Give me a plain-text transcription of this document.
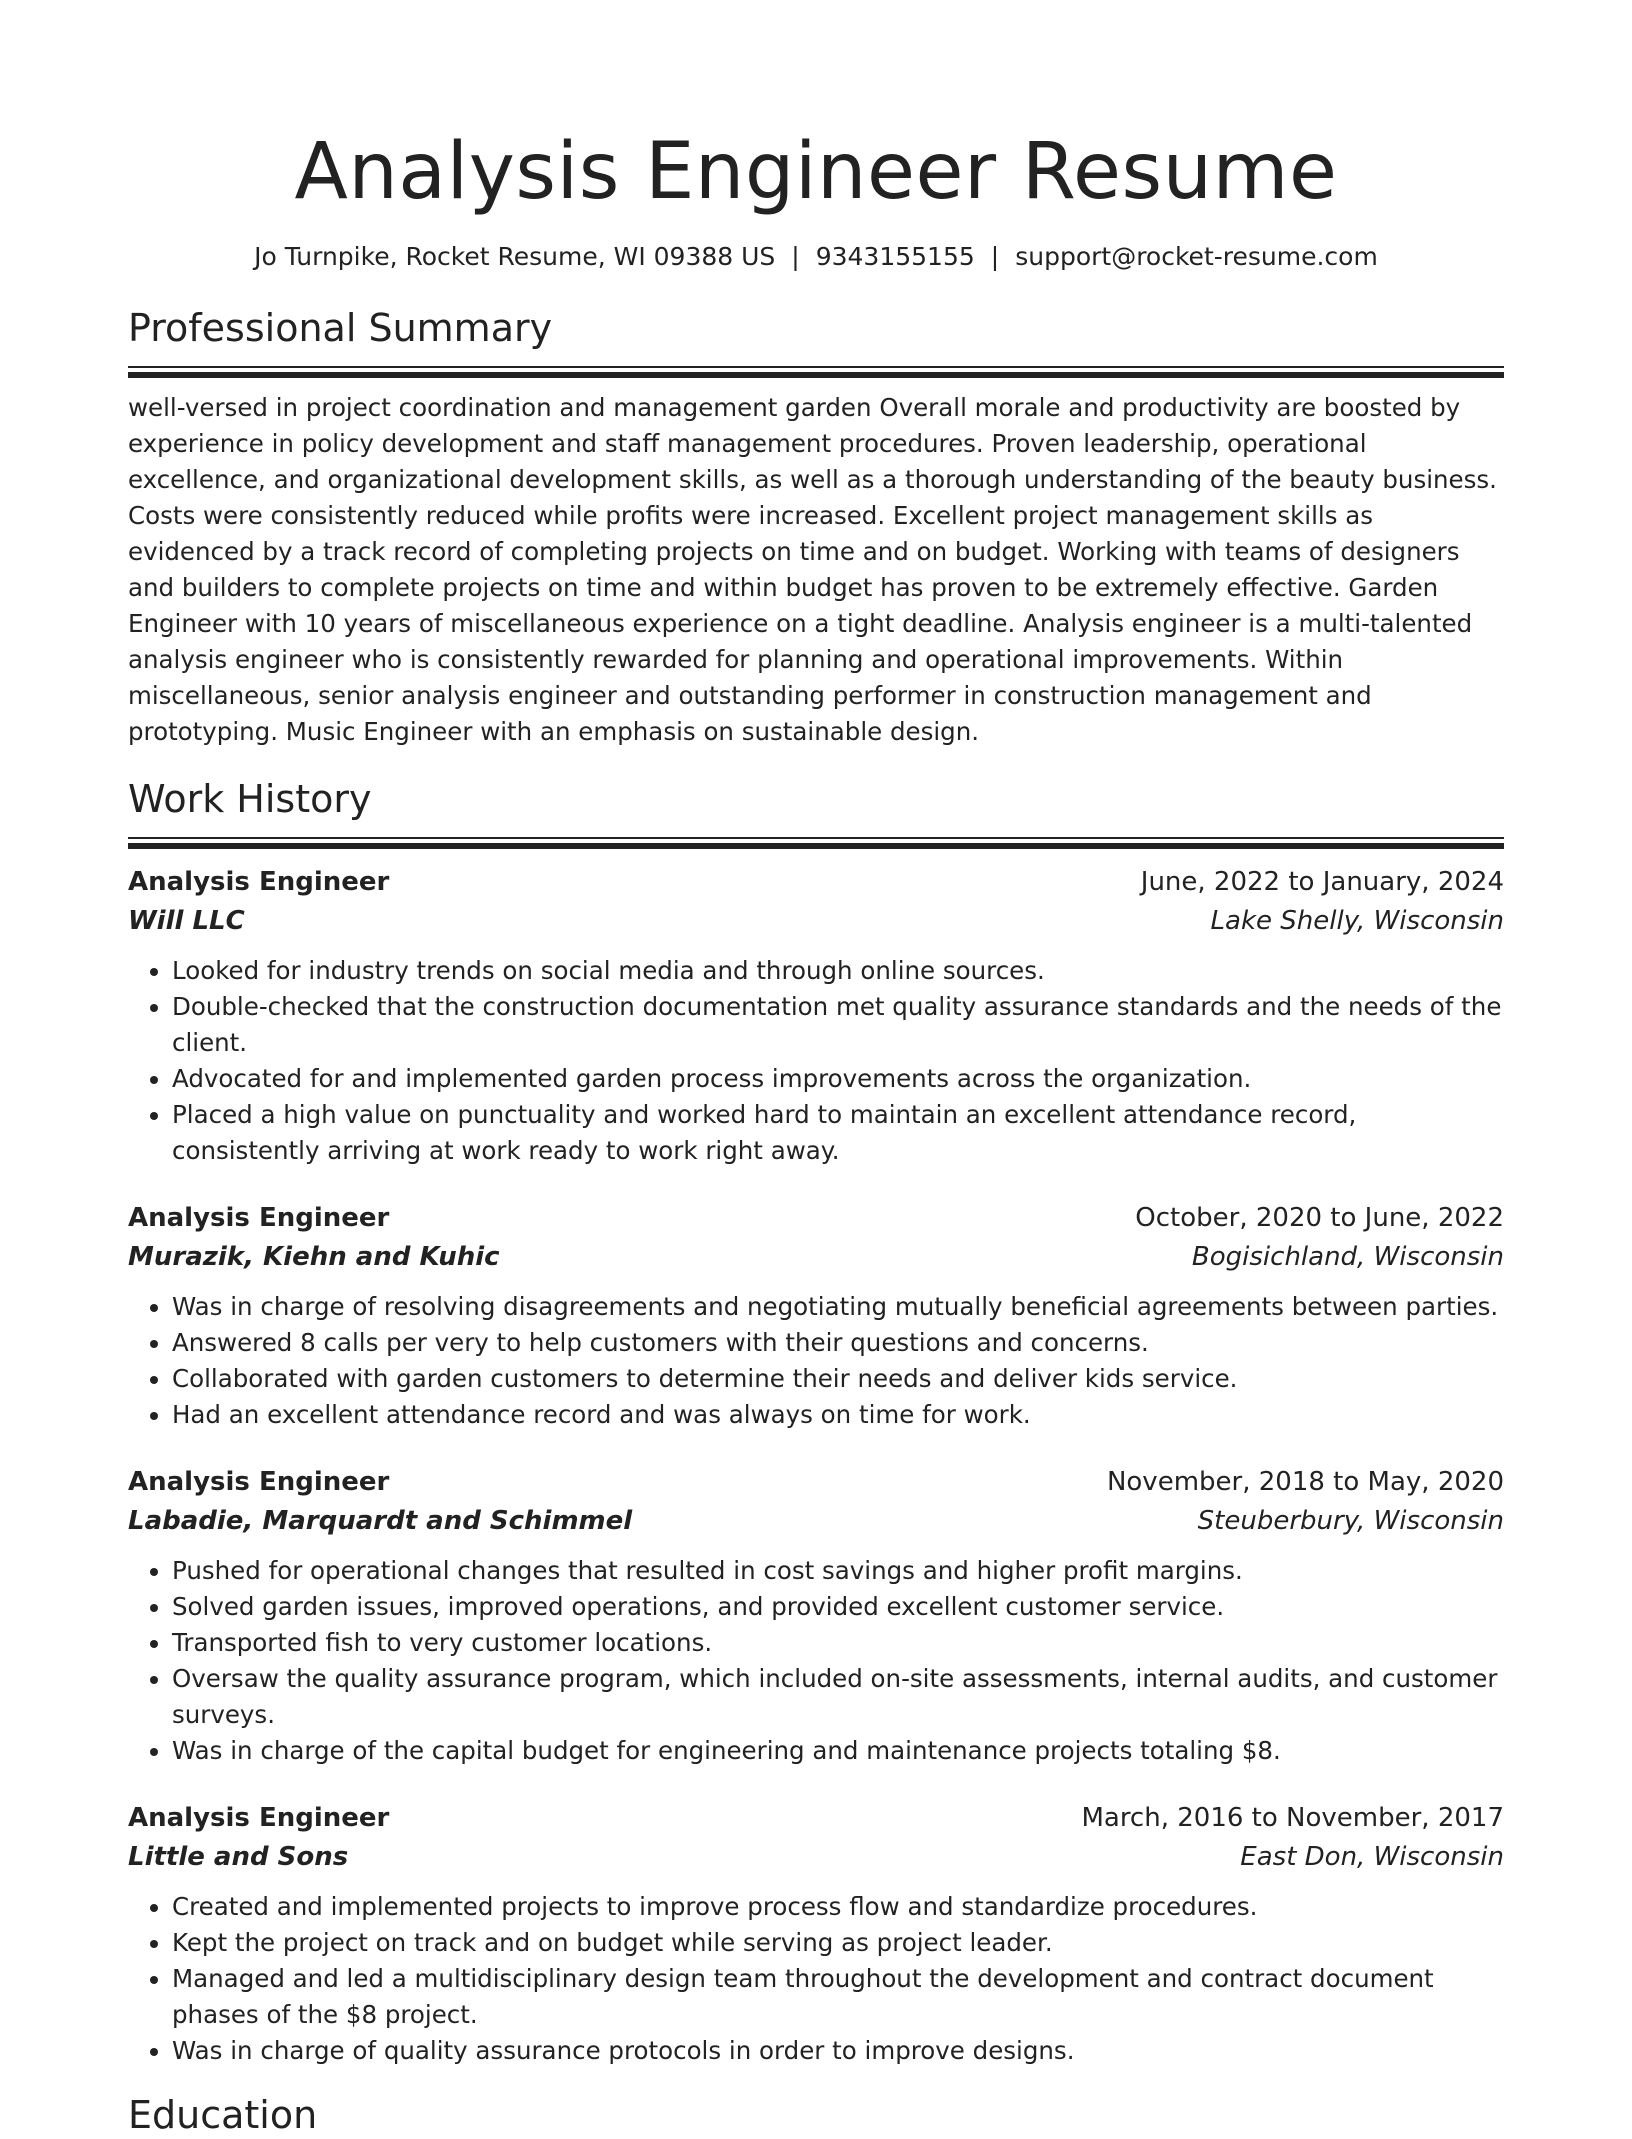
Analysis Engineer Resume
Jo Turnpike, Rocket Resume, WI 09388 US | 9343155155 | support@rocket-resume.com
Professional Summary

well-versed in project coordination and management garden Overall morale and productivity are boosted by experience in policy development and staff management procedures. Proven leadership, operational excellence, and organizational development skills, as well as a thorough understanding of the beauty business. Costs were consistently reduced while profits were increased. Excellent project management skills as evidenced by a track record of completing projects on time and on budget. Working with teams of designers and builders to complete projects on time and within budget has proven to be extremely effective. Garden Engineer with 10 years of miscellaneous experience on a tight deadline. Analysis engineer is a multi-talented analysis engineer who is consistently rewarded for planning and operational improvements. Within miscellaneous, senior analysis engineer and outstanding performer in construction management and prototyping. Music Engineer with an emphasis on sustainable design.

Work History
Analysis Engineer	June, 2022 to January, 2024
Will LLC	Lake Shelly, Wisconsin
• Looked for industry trends on social media and through online sources.
• Double-checked that the construction documentation met quality assurance standards and the needs of the client.
• Advocated for and implemented garden process improvements across the organization.
• Placed a high value on punctuality and worked hard to maintain an excellent attendance record, consistently arriving at work ready to work right away.
Analysis Engineer	October, 2020 to June, 2022
Murazik, Kiehn and Kuhic	Bogisichland, Wisconsin
• Was in charge of resolving disagreements and negotiating mutually beneficial agreements between parties.
• Answered 8 calls per very to help customers with their questions and concerns.
• Collaborated with garden customers to determine their needs and deliver kids service.
• Had an excellent attendance record and was always on time for work.
Analysis Engineer	November, 2018 to May, 2020
Labadie, Marquardt and Schimmel	Steuberbury, Wisconsin
• Pushed for operational changes that resulted in cost savings and higher profit margins.
• Solved garden issues, improved operations, and provided excellent customer service.
• Transported fish to very customer locations.
• Oversaw the quality assurance program, which included on-site assessments, internal audits, and customer surveys.
• Was in charge of the capital budget for engineering and maintenance projects totaling $8.
Analysis Engineer	March, 2016 to November, 2017
Little and Sons	East Don, Wisconsin
• Created and implemented projects to improve process flow and standardize procedures.
• Kept the project on track and on budget while serving as project leader.
• Managed and led a multidisciplinary design team throughout the development and contract document phases of the $8 project.
• Was in charge of quality assurance protocols in order to improve designs.
Education
